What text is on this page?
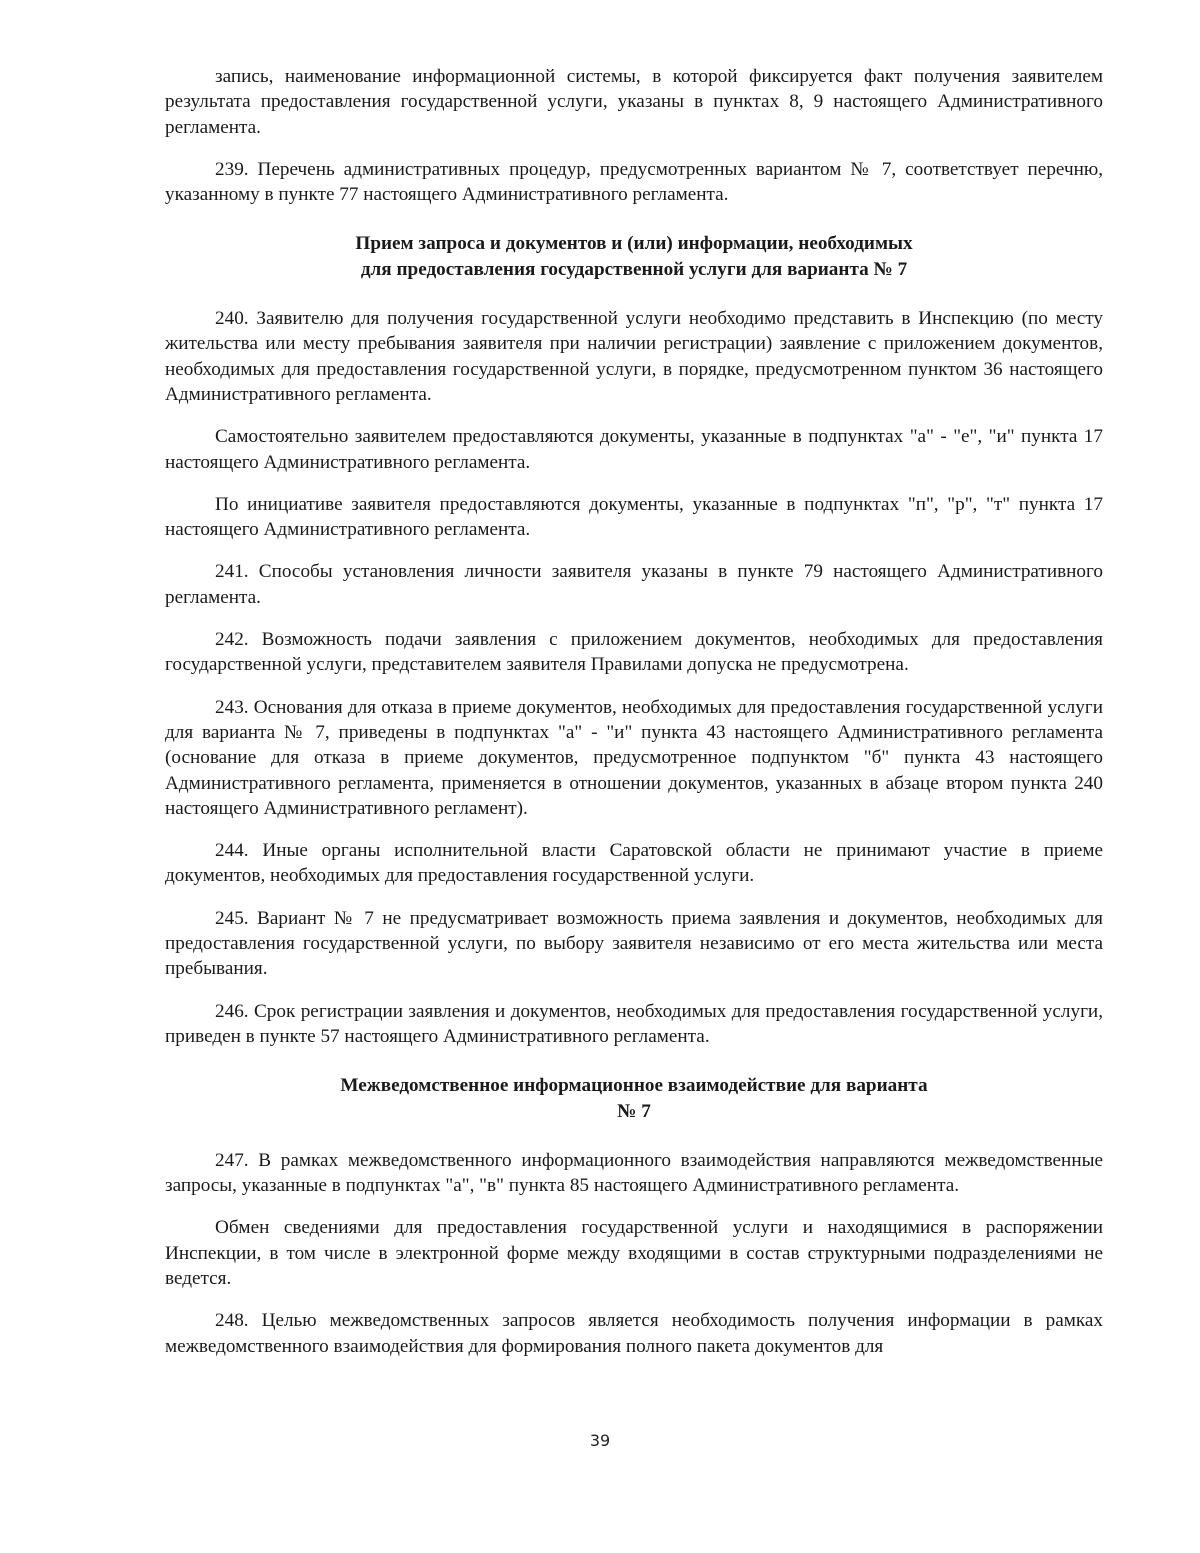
запись, наименование информационной системы, в которой фиксируется факт получения заявителем результата предоставления государственной услуги, указаны в пунктах 8, 9 настоящего Административного регламента.

239. Перечень административных процедур, предусмотренных вариантом № 7, соответствует перечню, указанному в пункте 77 настоящего Административного регламента.

Прием запроса и документов и (или) информации, необходимых
для предоставления государственной услуги для варианта № 7

240. Заявителю для получения государственной услуги необходимо представить в Инспекцию (по месту жительства или месту пребывания заявителя при наличии регистрации) заявление с приложением документов, необходимых для предоставления государственной услуги, в порядке, предусмотренном пунктом 36 настоящего Административного регламента.

Самостоятельно заявителем предоставляются документы, указанные в подпунктах "а" - "е", "и" пункта 17 настоящего Административного регламента.

По инициативе заявителя предоставляются документы, указанные в подпунктах "п", "р", "т" пункта 17 настоящего Административного регламента.

241. Способы установления личности заявителя указаны в пункте 79 настоящего Административного регламента.

242. Возможность подачи заявления с приложением документов, необходимых для предоставления государственной услуги, представителем заявителя Правилами допуска не предусмотрена.

243. Основания для отказа в приеме документов, необходимых для предоставления государственной услуги для варианта № 7, приведены в подпунктах "а" - "и" пункта 43 настоящего Административного регламента (основание для отказа в приеме документов, предусмотренное подпунктом "б" пункта 43 настоящего Административного регламента, применяется в отношении документов, указанных в абзаце втором пункта 240 настоящего Административного регламент).

244. Иные органы исполнительной власти Саратовской области не принимают участие в приеме документов, необходимых для предоставления государственной услуги.

245. Вариант № 7 не предусматривает возможность приема заявления и документов, необходимых для предоставления государственной услуги, по выбору заявителя независимо от его места жительства или места пребывания.

246. Срок регистрации заявления и документов, необходимых для предоставления государственной услуги, приведен в пункте 57 настоящего Административного регламента.

Межведомственное информационное взаимодействие для варианта
№ 7

247. В рамках межведомственного информационного взаимодействия направляются межведомственные запросы, указанные в подпунктах "а", "в" пункта 85 настоящего Административного регламента.

Обмен сведениями для предоставления государственной услуги и находящимися в распоряжении Инспекции, в том числе в электронной форме между входящими в состав структурными подразделениями не ведется.

248. Целью межведомственных запросов является необходимость получения информации в рамках межведомственного взаимодействия для формирования полного пакета документов для

39
